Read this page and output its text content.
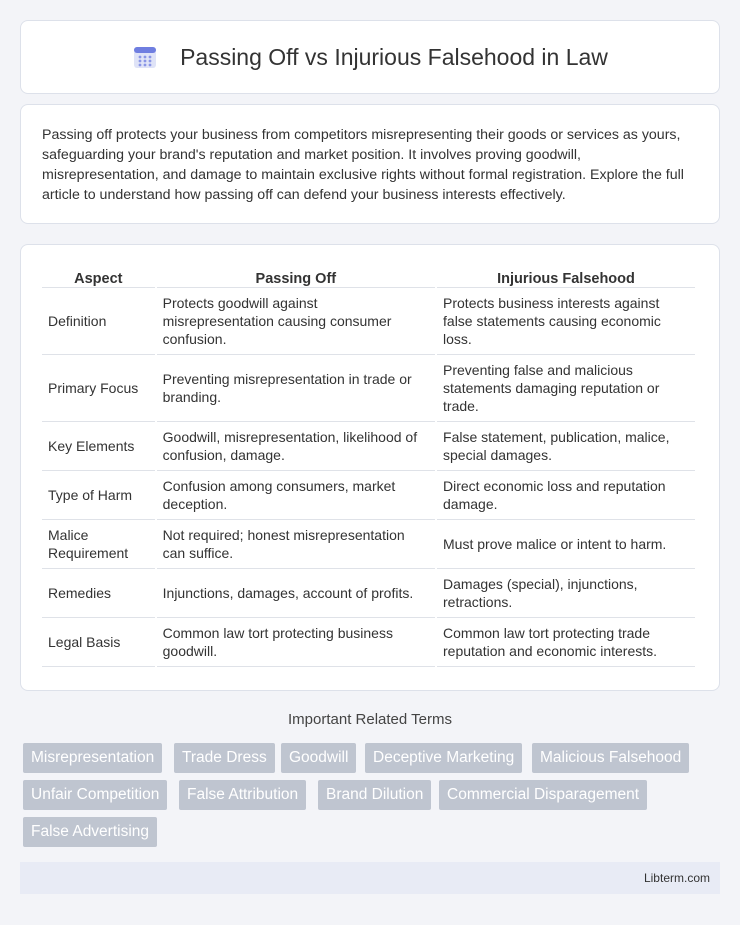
Passing Off vs Injurious Falsehood in Law

Passing off protects your business from competitors misrepresenting their goods or services as yours, safeguarding your brand's reputation and market position. It involves proving goodwill, misrepresentation, and damage to maintain exclusive rights without formal registration. Explore the full article to understand how passing off can defend your business interests effectively.

Aspect	Passing Off	Injurious Falsehood
Definition	Protects goodwill against misrepresentation causing consumer confusion.	Protects business interests against false statements causing economic loss.
Primary Focus	Preventing misrepresentation in trade or branding.	Preventing false and malicious statements damaging reputation or trade.
Key Elements	Goodwill, misrepresentation, likelihood of confusion, damage.	False statement, publication, malice, special damages.
Type of Harm	Confusion among consumers, market deception.	Direct economic loss and reputation damage.
Malice Requirement	Not required; honest misrepresentation can suffice.	Must prove malice or intent to harm.
Remedies	Injunctions, damages, account of profits.	Damages (special), injunctions, retractions.
Legal Basis	Common law tort protecting business goodwill.	Common law tort protecting trade reputation and economic interests.
Important Related Terms
Misrepresentation	Trade Dress	Goodwill	Deceptive Marketing	Malicious Falsehood
Unfair Competition	False Attribution	Brand Dilution	Commercial Disparagement
False Advertising
Libterm.com
